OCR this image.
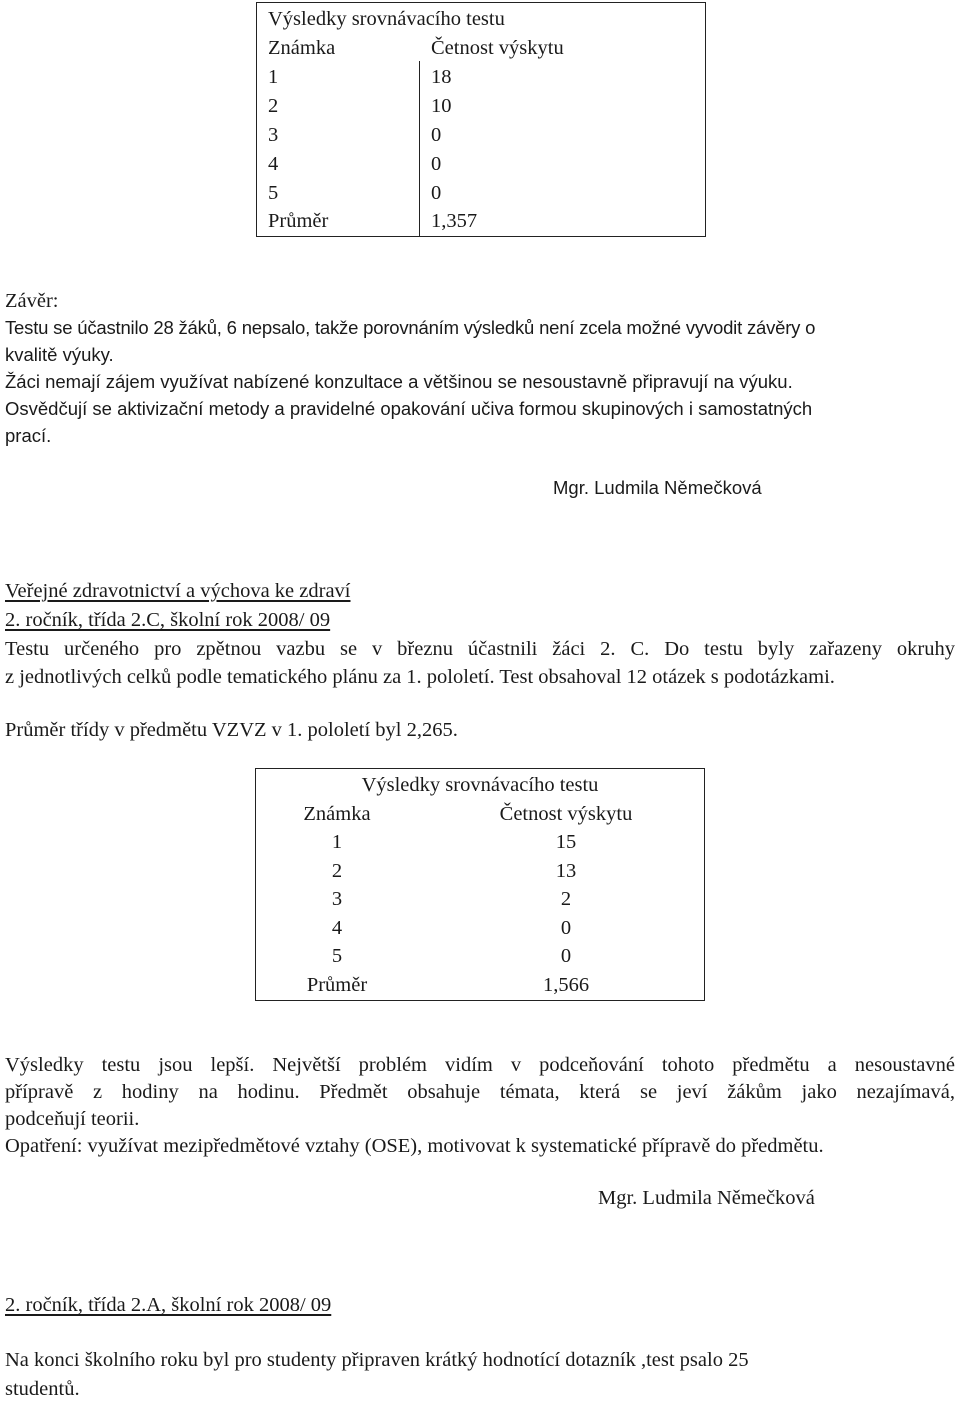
Výsledky srovnávacího testu
Známka	Četnost výskytu
1	18
2	10
3	0
4	0
5	0
Průměr	1,357
Závěr:
Testu se účastnilo 28 žáků, 6 nepsalo, takže porovnáním výsledků není zcela možné vyvodit závěry o
kvalitě výuky.
Žáci nemají zájem využívat nabízené konzultace a většinou se nesoustavně připravují na výuku.
Osvědčují se aktivizační metody a pravidelné opakování učiva formou skupinových i samostatných
prací.
Mgr. Ludmila Němečková
Veřejné zdravotnictví a výchova ke zdraví
2. ročník, třída 2.C, školní rok 2008/ 09
Testu určeného pro zpětnou vazbu se v březnu účastnili žáci 2. C. Do testu byly zařazeny okruhy
z jednotlivých celků podle tematického plánu za 1. pololetí. Test obsahoval 12 otázek s podotázkami.
Průměr třídy v předmětu VZVZ v 1. pololetí byl 2,265.
Výsledky srovnávacího testu
Známka	Četnost výskytu
1	15
2	13
3	2
4	0
5	0
Průměr	1,566
Výsledky testu jsou lepší. Největší problém vidím v podceňování tohoto předmětu a nesoustavné
přípravě z hodiny na hodinu. Předmět obsahuje témata, která se jeví žákům jako nezajímavá,
podceňují teorii.
Opatření: využívat mezipředmětové vztahy (OSE), motivovat k systematické přípravě do předmětu.
Mgr. Ludmila Němečková
2. ročník, třída 2.A, školní rok 2008/ 09
Na konci školního roku byl pro studenty připraven krátký hodnotící dotazník ,test psalo 25
studentů.
